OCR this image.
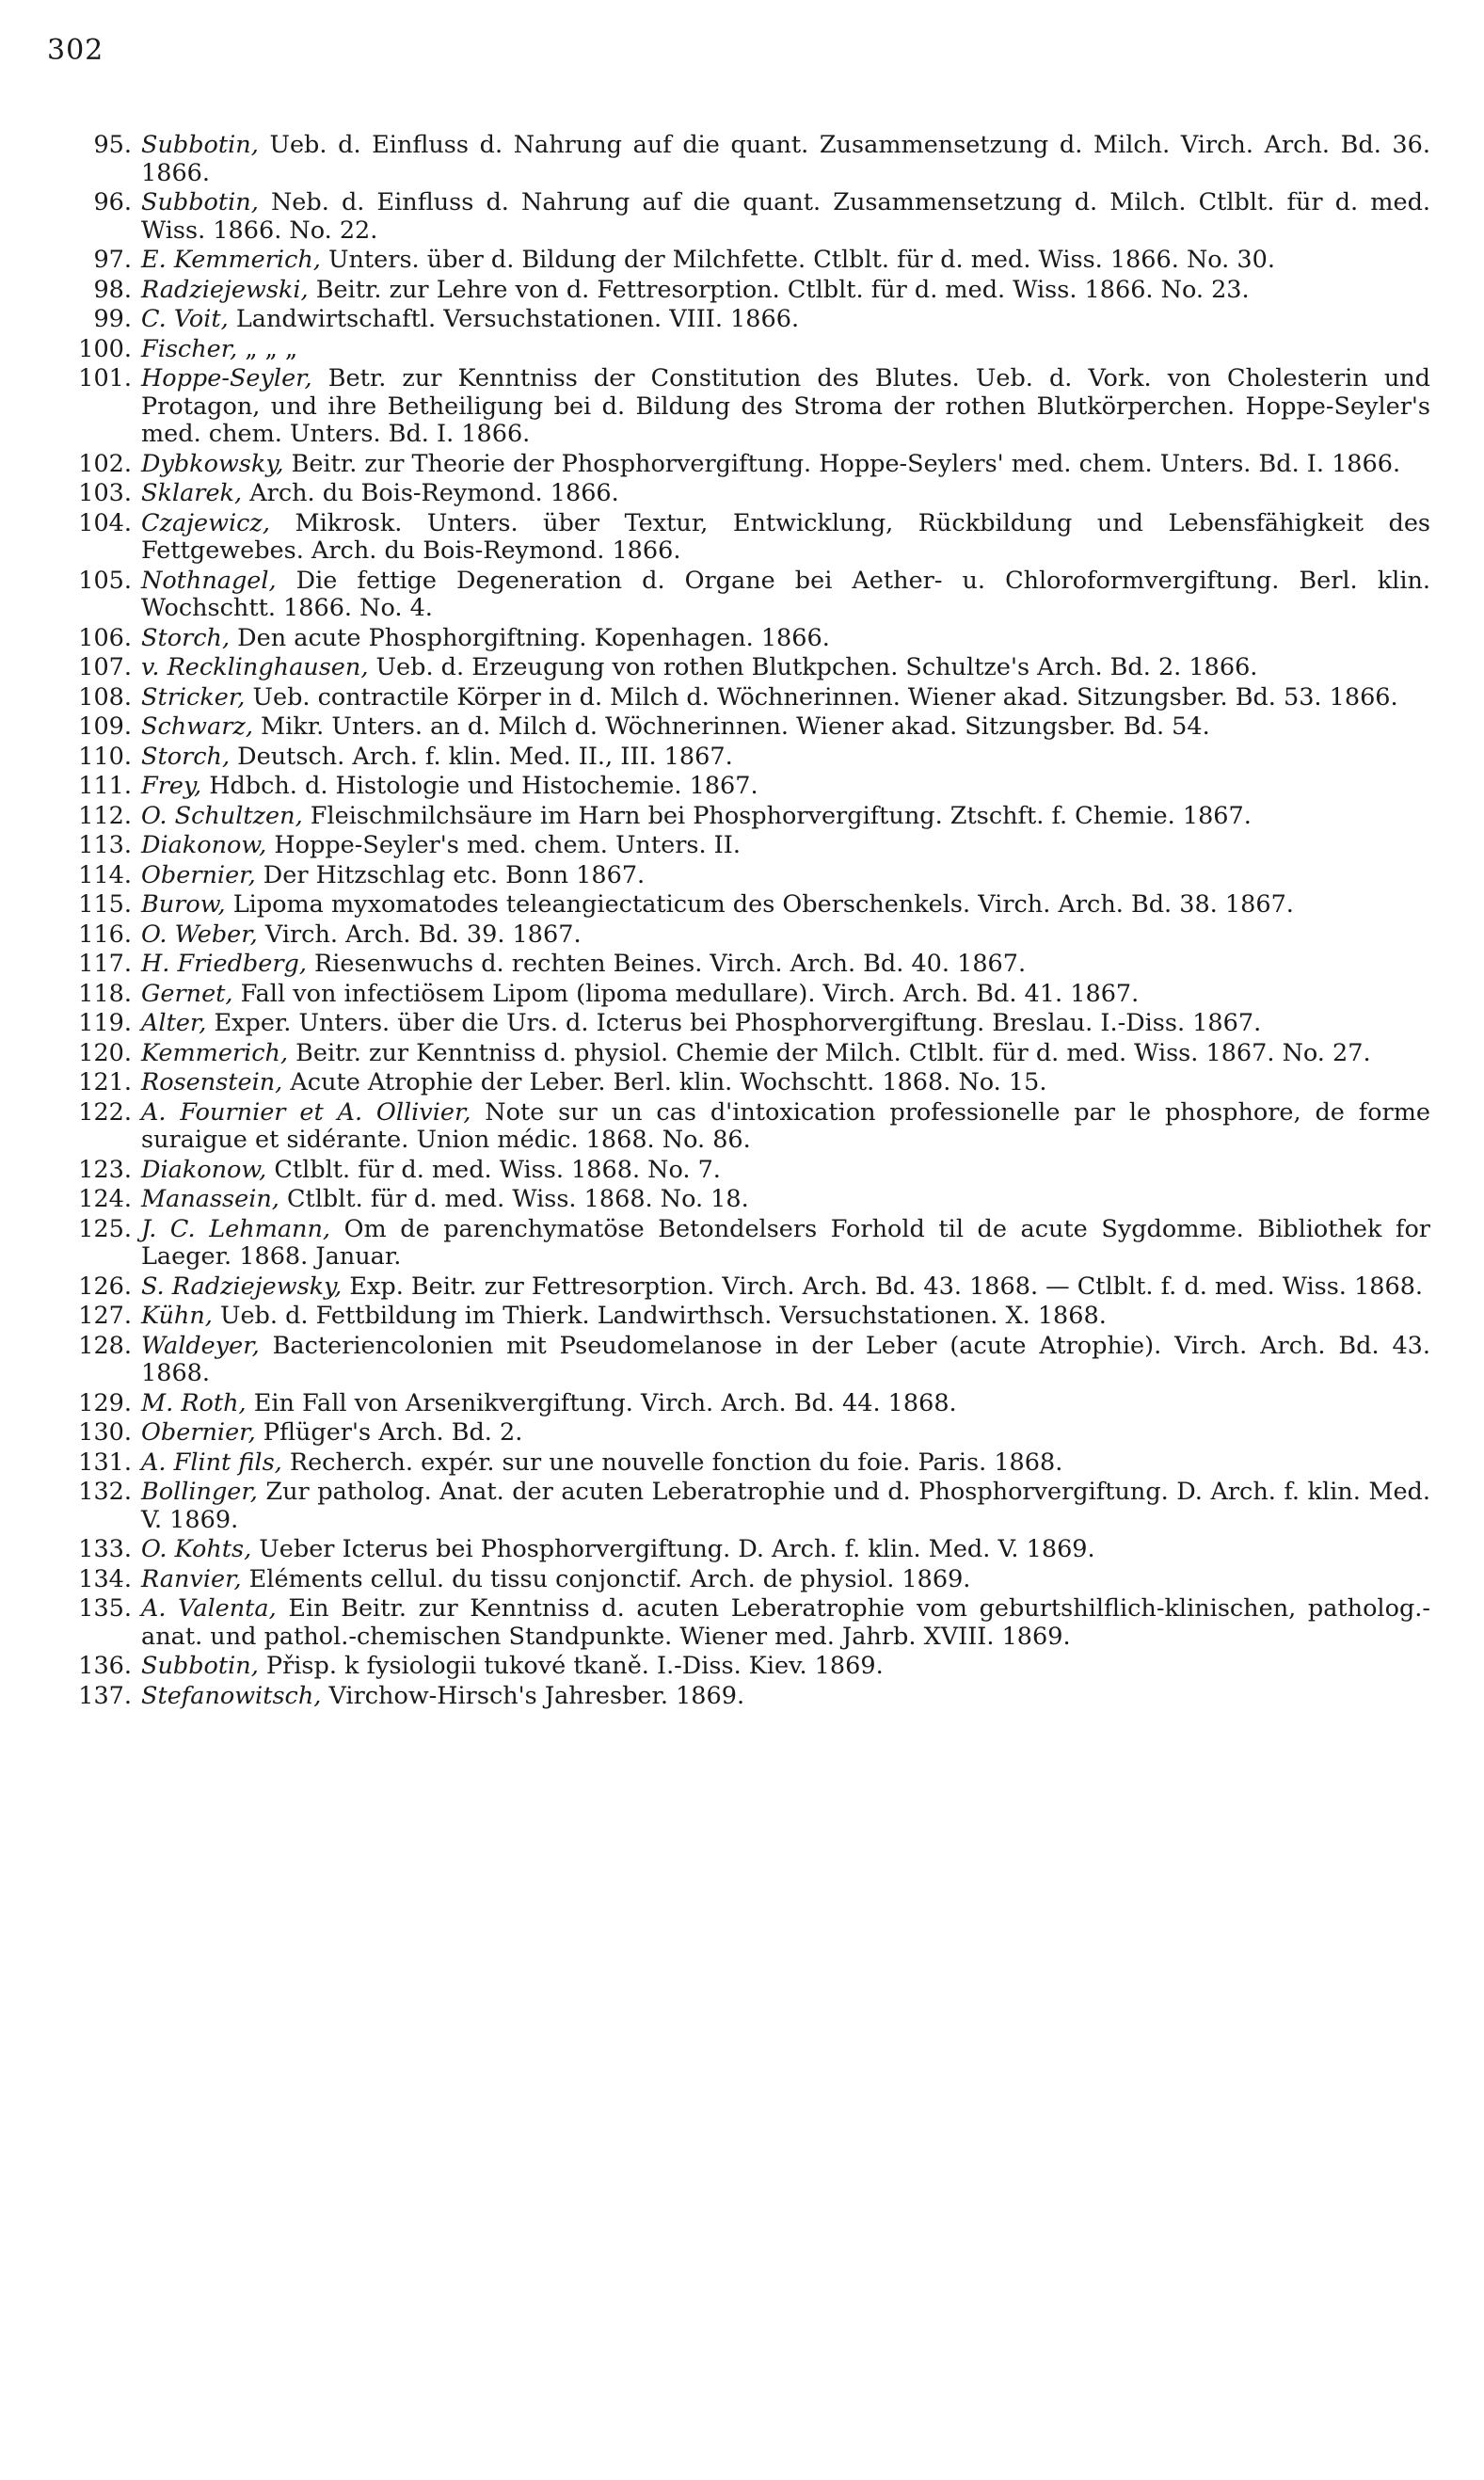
302
95. Subbotin, Ueb. d. Einfluss d. Nahrung auf die quant. Zusammensetzung d. Milch. Virch. Arch. Bd. 36. 1866.
96. Subbotin, Neb. d. Einfluss d. Nahrung auf die quant. Zusammensetzung d. Milch. Ctlblt. für d. med. Wiss. 1866. No. 22.
97. E. Kemmerich, Unters. über d. Bildung der Milchfette. Ctlblt. für d. med. Wiss. 1866. No. 30.
98. Radziejewski, Beitr. zur Lehre von d. Fettresorption. Ctlblt. für d. med. Wiss. 1866. No. 23.
99. C. Voit, Landwirtschaftl. Versuchstationen. VIII. 1866.
100. Fischer, „ „ „
101. Hoppe-Seyler, Betr. zur Kenntniss der Constitution des Blutes. Ueb. d. Vork. von Cholesterin und Protagon, und ihre Betheiligung bei d. Bildung des Stroma der rothen Blutkörperchen. Hoppe-Seyler's med. chem. Unters. Bd. I. 1866.
102. Dybkowsky, Beitr. zur Theorie der Phosphorvergiftung. Hoppe-Seylers' med. chem. Unters. Bd. I. 1866.
103. Sklarek, Arch. du Bois-Reymond. 1866.
104. Czajewicz, Mikrosk. Unters. über Textur, Entwicklung, Rückbildung und Lebensfähigkeit des Fettgewebes. Arch. du Bois-Reymond. 1866.
105. Nothnagel, Die fettige Degeneration d. Organe bei Aether- u. Chloroformvergiftung. Berl. klin. Wochschtt. 1866. No. 4.
106. Storch, Den acute Phosphorgiftning. Kopenhagen. 1866.
107. v. Recklinghausen, Ueb. d. Erzeugung von rothen Blutkpchen. Schultze's Arch. Bd. 2. 1866.
108. Stricker, Ueb. contractile Körper in d. Milch d. Wöchnerinnen. Wiener akad. Sitzungsber. Bd. 53. 1866.
109. Schwarz, Mikr. Unters. an d. Milch d. Wöchnerinnen. Wiener akad. Sitzungsber. Bd. 54.
110. Storch, Deutsch. Arch. f. klin. Med. II., III. 1867.
111. Frey, Hdbch. d. Histologie und Histochemie. 1867.
112. O. Schultzen, Fleischmilchsäure im Harn bei Phosphorvergiftung. Ztschft. f. Chemie. 1867.
113. Diakonow, Hoppe-Seyler's med. chem. Unters. II.
114. Obernier, Der Hitzschlag etc. Bonn 1867.
115. Burow, Lipoma myxomatodes teleangiectaticum des Oberschenkels. Virch. Arch. Bd. 38. 1867.
116. O. Weber, Virch. Arch. Bd. 39. 1867.
117. H. Friedberg, Riesenwuchs d. rechten Beines. Virch. Arch. Bd. 40. 1867.
118. Gernet, Fall von infectiösem Lipom (lipoma medullare). Virch. Arch. Bd. 41. 1867.
119. Alter, Exper. Unters. über die Urs. d. Icterus bei Phosphorvergiftung. Breslau. I.-Diss. 1867.
120. Kemmerich, Beitr. zur Kenntniss d. physiol. Chemie der Milch. Ctlblt. für d. med. Wiss. 1867. No. 27.
121. Rosenstein, Acute Atrophie der Leber. Berl. klin. Wochschtt. 1868. No. 15.
122. A. Fournier et A. Ollivier, Note sur un cas d'intoxication professionelle par le phosphore, de forme suraigue et sidérante. Union médic. 1868. No. 86.
123. Diakonow, Ctlblt. für d. med. Wiss. 1868. No. 7.
124. Manassein, Ctlblt. für d. med. Wiss. 1868. No. 18.
125. J. C. Lehmann, Om de parenchymatöse Betondelsers Forhold til de acute Sygdomme. Bibliothek for Laeger. 1868. Januar.
126. S. Radziejewsky, Exp. Beitr. zur Fettresorption. Virch. Arch. Bd. 43. 1868. — Ctlblt. f. d. med. Wiss. 1868.
127. Kühn, Ueb. d. Fettbildung im Thierk. Landwirthsch. Versuchstationen. X. 1868.
128. Waldeyer, Bacteriencolonien mit Pseudomelanose in der Leber (acute Atrophie). Virch. Arch. Bd. 43. 1868.
129. M. Roth, Ein Fall von Arsenikvergiftung. Virch. Arch. Bd. 44. 1868.
130. Obernier, Pflüger's Arch. Bd. 2.
131. A. Flint fils, Recherch. expér. sur une nouvelle fonction du foie. Paris. 1868.
132. Bollinger, Zur patholog. Anat. der acuten Leberatrophie und d. Phosphorvergiftung. D. Arch. f. klin. Med. V. 1869.
133. O. Kohts, Ueber Icterus bei Phosphorvergiftung. D. Arch. f. klin. Med. V. 1869.
134. Ranvier, Eléments cellul. du tissu conjonctif. Arch. de physiol. 1869.
135. A. Valenta, Ein Beitr. zur Kenntniss d. acuten Leberatrophie vom geburtshilflich-klinischen, patholog.-anat. und pathol.-chemischen Standpunkte. Wiener med. Jahrb. XVIII. 1869.
136. Subbotin, Přisp. k fysiologii tukové tkaně. I.-Diss. Kiev. 1869.
137. Stefanowitsch, Virchow-Hirsch's Jahresber. 1869.
